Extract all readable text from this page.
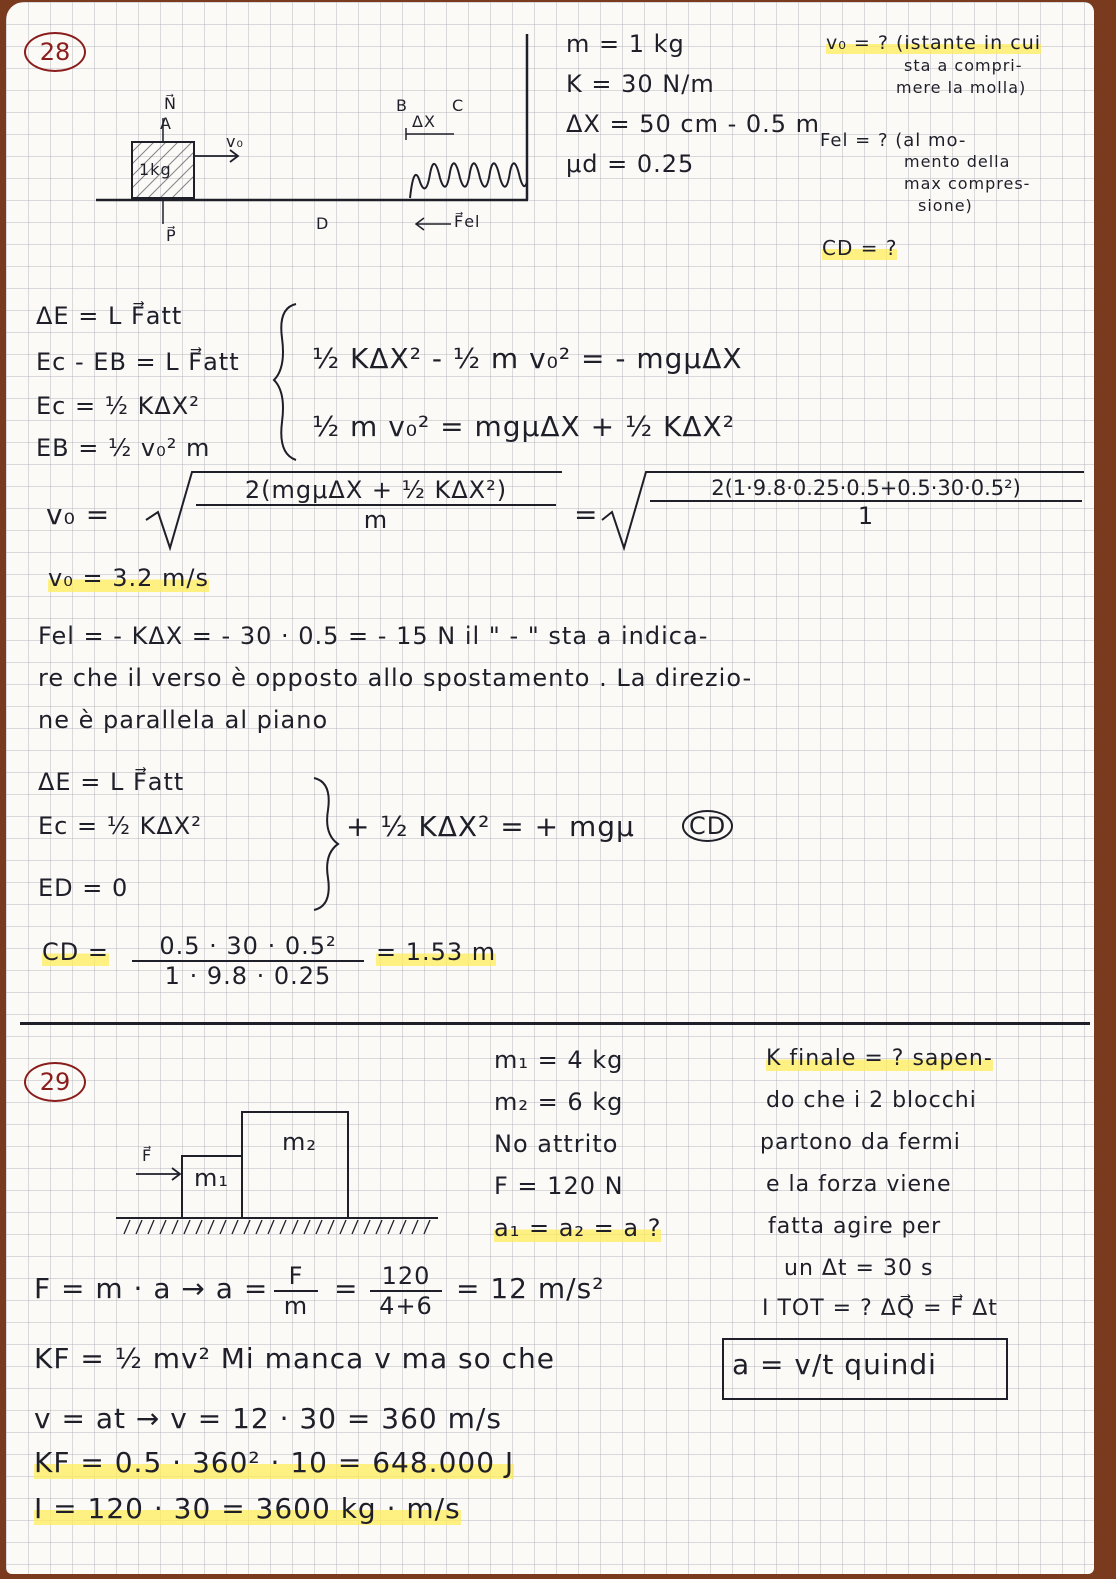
28
N⃗
A
1kg
v₀
B	C
ΔX
P⃗
D	F⃗el
m = 1 kg
K = 30 N/m
ΔX = 50 cm - 0.5 m
μd = 0.25
v₀ = ? (istante in cui
sta a compri-
mere la molla)
Fel = ? (al mo-
mento della
max compres-
sione)
CD = ?
ΔE = L F⃗att
Ec - EB = L F⃗att
Ec = ½ KΔX²
EB = ½ v₀² m
½ KΔX² - ½ m v₀² = - mgμΔX
½ m v₀² = mgμΔX + ½ KΔX²
v₀ =
2(mgμΔX + ½ KΔX²)
m	=
2(1·9.8·0.25·0.5+0.5·30·0.5²)
1
v₀ = 3.2 m/s
Fel = - KΔX = - 30 · 0.5 = - 15 N il " - " sta a indica-
re che il verso è opposto allo spostamento . La direzio-
ne è parallela al piano
ΔE = L F⃗att
Ec = ½ KΔX²
ED = 0
+ ½ KΔX² = + mgμ CD
CD =	0.5 · 30 · 0.5²
1 · 9.8 · 0.25
= 1.53 m
29
F⃗
m₁
m₂
m₁ = 4 kg
m₂ = 6 kg
No attrito
F = 120 N
a₁ = a₂ = a ?
K finale = ? sapen-
do che i 2 blocchi
partono da fermi
e la forza viene
fatta agire per
un Δt = 30 s
I TOT = ? ΔQ⃗ = F⃗ Δt
F = m · a → a = F
m
= 120
4+6
= 12 m/s²
KF = ½ mv² Mi manca v ma so che	a = v/t quindi
v = at → v = 12 · 30 = 360 m/s
KF = 0.5 · 360² · 10 = 648.000 J
I = 120 · 30 = 3600 kg · m/s
